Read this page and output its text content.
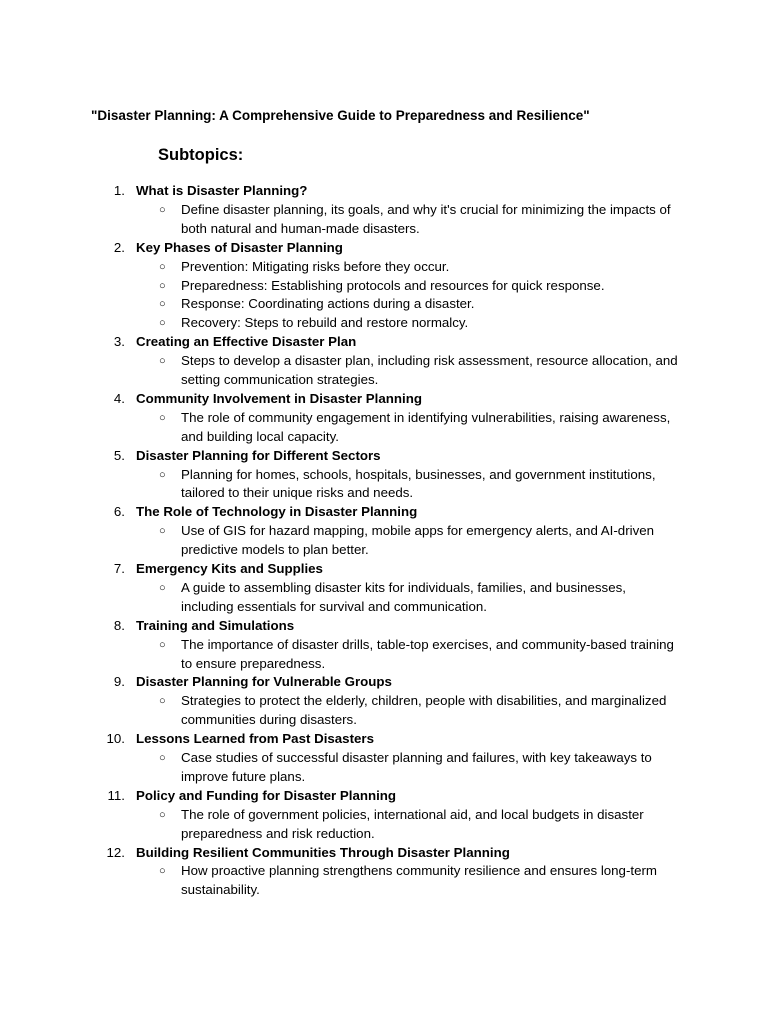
"Disaster Planning: A Comprehensive Guide to Preparedness and Resilience"
Subtopics:
1. What is Disaster Planning?
○ Define disaster planning, its goals, and why it's crucial for minimizing the impacts of both natural and human-made disasters.
2. Key Phases of Disaster Planning
○ Prevention: Mitigating risks before they occur.
○ Preparedness: Establishing protocols and resources for quick response.
○ Response: Coordinating actions during a disaster.
○ Recovery: Steps to rebuild and restore normalcy.
3. Creating an Effective Disaster Plan
○ Steps to develop a disaster plan, including risk assessment, resource allocation, and setting communication strategies.
4. Community Involvement in Disaster Planning
○ The role of community engagement in identifying vulnerabilities, raising awareness, and building local capacity.
5. Disaster Planning for Different Sectors
○ Planning for homes, schools, hospitals, businesses, and government institutions, tailored to their unique risks and needs.
6. The Role of Technology in Disaster Planning
○ Use of GIS for hazard mapping, mobile apps for emergency alerts, and AI-driven predictive models to plan better.
7. Emergency Kits and Supplies
○ A guide to assembling disaster kits for individuals, families, and businesses, including essentials for survival and communication.
8. Training and Simulations
○ The importance of disaster drills, table-top exercises, and community-based training to ensure preparedness.
9. Disaster Planning for Vulnerable Groups
○ Strategies to protect the elderly, children, people with disabilities, and marginalized communities during disasters.
10. Lessons Learned from Past Disasters
○ Case studies of successful disaster planning and failures, with key takeaways to improve future plans.
11. Policy and Funding for Disaster Planning
○ The role of government policies, international aid, and local budgets in disaster preparedness and risk reduction.
12. Building Resilient Communities Through Disaster Planning
○ How proactive planning strengthens community resilience and ensures long-term sustainability.
